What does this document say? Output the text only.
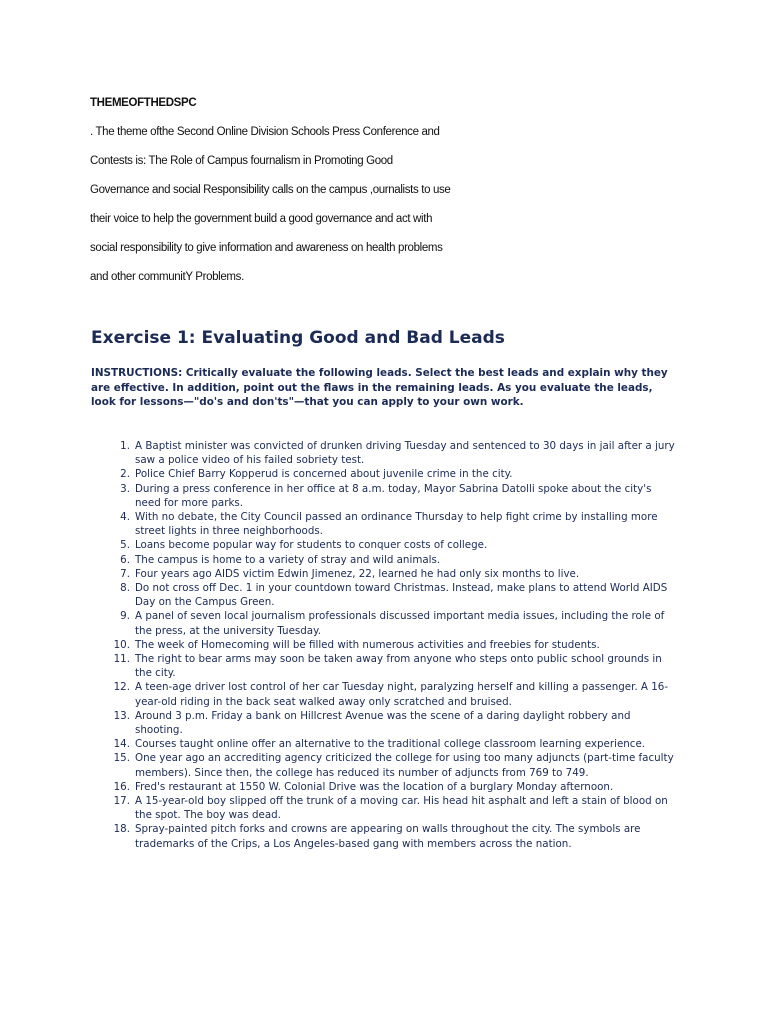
THEMEOFTHEDSPC

. The theme ofthe Second Online Division Schools Press Conference and

Contests is: The Role of Campus fournalism in Promoting Good

Governance and social Responsibility calls on the campus ,ournalists to use

their voice to help the government build a good governance and act with

social responsibility to give information and awareness on health problems

and other communitY Problems.

Exercise 1: Evaluating Good and Bad Leads

INSTRUCTIONS: Critically evaluate the following leads. Select the best leads and explain why they are effective. In addition, point out the flaws in the remaining leads. As you evaluate the leads, look for lessons—"do's and don'ts"—that you can apply to your own work.

1. A Baptist minister was convicted of drunken driving Tuesday and sentenced to 30 days in jail after a jury saw a police video of his failed sobriety test.
2. Police Chief Barry Kopperud is concerned about juvenile crime in the city.
3. During a press conference in her office at 8 a.m. today, Mayor Sabrina Datolli spoke about the city's need for more parks.
4. With no debate, the City Council passed an ordinance Thursday to help fight crime by installing more street lights in three neighborhoods.
5. Loans become popular way for students to conquer costs of college.
6. The campus is home to a variety of stray and wild animals.
7. Four years ago AIDS victim Edwin Jimenez, 22, learned he had only six months to live.
8. Do not cross off Dec. 1 in your countdown toward Christmas. Instead, make plans to attend World AIDS Day on the Campus Green.
9. A panel of seven local journalism professionals discussed important media issues, including the role of the press, at the university Tuesday.
10. The week of Homecoming will be filled with numerous activities and freebies for students.
11. The right to bear arms may soon be taken away from anyone who steps onto public school grounds in the city.
12. A teen-age driver lost control of her car Tuesday night, paralyzing herself and killing a passenger. A 16-year-old riding in the back seat walked away only scratched and bruised.
13. Around 3 p.m. Friday a bank on Hillcrest Avenue was the scene of a daring daylight robbery and shooting.
14. Courses taught online offer an alternative to the traditional college classroom learning experience.
15. One year ago an accrediting agency criticized the college for using too many adjuncts (part-time faculty members). Since then, the college has reduced its number of adjuncts from 769 to 749.
16. Fred's restaurant at 1550 W. Colonial Drive was the location of a burglary Monday afternoon.
17. A 15-year-old boy slipped off the trunk of a moving car. His head hit asphalt and left a stain of blood on the spot. The boy was dead.
18. Spray-painted pitch forks and crowns are appearing on walls throughout the city. The symbols are trademarks of the Crips, a Los Angeles-based gang with members across the nation.
